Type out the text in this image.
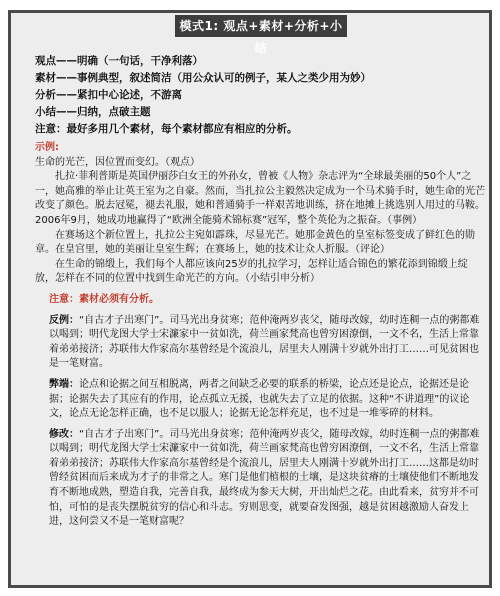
模式1: 观点+素材+分析+小结

观点——明确（一句话，干净利落）

素材——事例典型，叙述简洁（用公众认可的例子，某人之类少用为妙）

分析——紧扣中心论述，不游离

小结——归纳，点破主题

注意：最好多用几个素材，每个素材都应有相应的分析。

示例:

生命的光芒，因位置而变幻。（观点）

扎拉·菲利普斯是英国伊丽莎白女王的外孙女，曾被《人物》杂志评为“全球最美丽的50个人”之一，她高雅的举止让英王室为之自豪。然而，当扎拉公主毅然决定成为一个马术骑手时，她生命的光芒改变了颜色。脱去冠冕，褪去礼服，她和普通骑手一样艰苦地训练，挤在地摊上挑选别人用过的马鞍。2006年9月，她成功地赢得了“欧洲全能骑术锦标赛”冠军，整个英伦为之振奋。（事例）

在赛场这个新位置上，扎拉公主宛如霹珠，尽显光芒。她那金黄色的皇室标签变成了鲜红色的勋章。在皇宫里，她的美丽让皇室生辉；在赛场上，她的技术让众人折服。（评论）

在生命的锦缎上，我们每个人都应该向25岁的扎拉学习，怎样让适合锦色的繁花添到锦缎上绽放，怎样在不同的位置中找到生命光芒的方向。（小结引申分析）

注意：素材必须有分析。

反例：“自古才子出寒门”。司马光出身贫寒；范仲淹两岁丧父，随母改嫁，幼时连稠一点的粥都难以喝到；明代龙图大学士宋濂家中一贫如洗，荷兰画家梵高也曾穷困潦倒，一文不名，生活上常靠着弟弟接济；苏联伟大作家高尔基曾经是个流浪儿，居里夫人刚满十岁就外出打工……可见贫困也是一笔财富。

弊端：论点和论据之间互相脱离，两者之间缺乏必要的联系的桥梁，论点还是论点，论据还是论据；论据失去了其应有的作用，论点孤立无援，也就失去了立足的依据。这种“不讲道理”的议论文，论点无论怎样正确，也不足以服人；论据无论怎样充足，也不过是一堆零碎的材料。

修改：“自古才子出寒门”。司马光出身贫寒；范仲淹两岁丧父，随母改嫁，幼时连稠一点的粥都难以喝到；明代龙图大学士宋濂家中一贫如洗，荷兰画家梵高也曾穷困潦倒，一文不名，生活上常靠着弟弟接济；苏联伟大作家高尔基曾经是个流浪儿，居里夫人刚满十岁就外出打工……这都是幼时曾经贫困而后来成为才子的非常之人。寒门是他们植根的土壤，是这块贫瘠的土壤使他们不断地发育不断地成熟，塑造自我，完善自我，最终成为参天大树，开出灿烂之花。由此看来，贫穷并不可怕，可怕的是丧失摆脱贫穷的信心和斗志。穷则思变，就要奋发图强，越是贫困越激励人奋发上进，这何尝又不是一笔财富呢？
